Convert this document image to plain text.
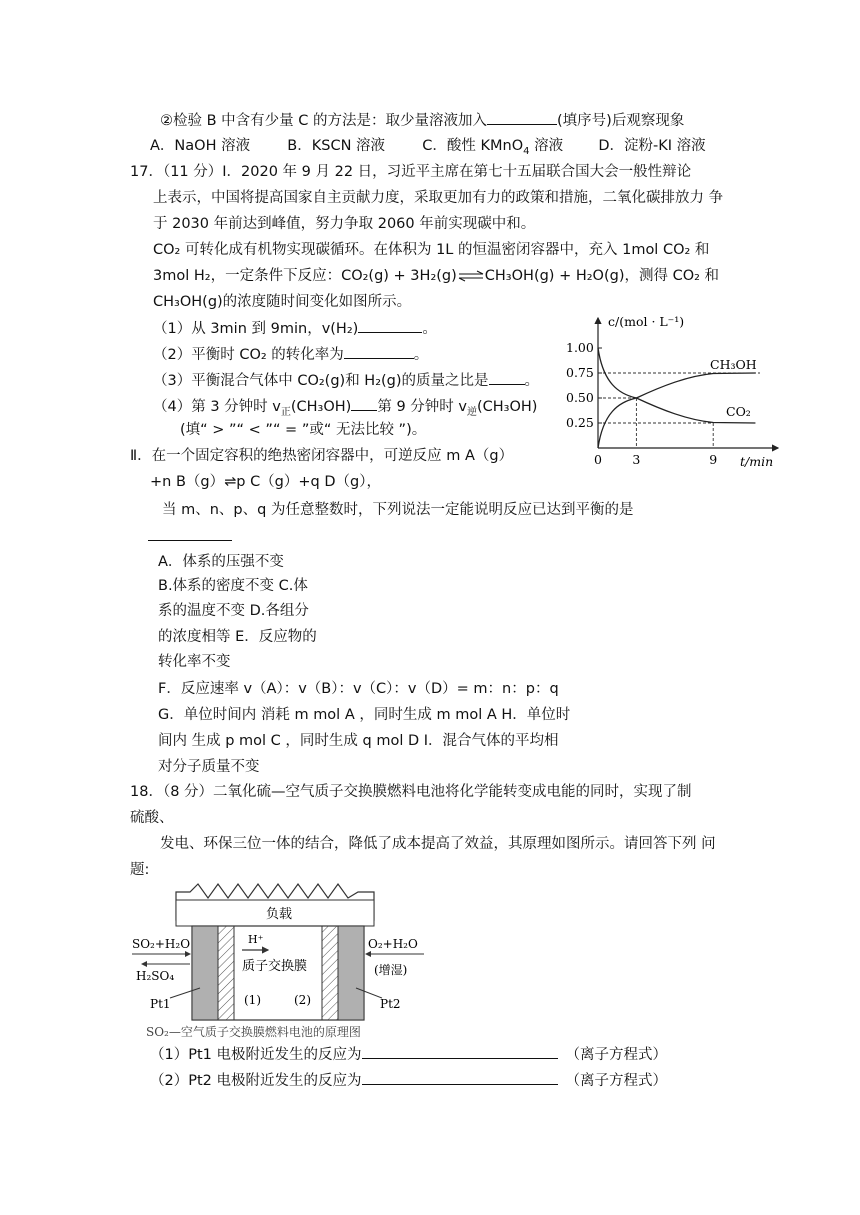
②检验 B 中含有少量 C 的方法是：取少量溶液加入	(填序号)后观察现象
A．NaOH 溶液	B．KSCN 溶液	C．酸性 KMnO$_4$ 溶液 D．淀粉-KI 溶液
17．（11 分）Ⅰ．2020 年 9 月 22 日，习近平主席在第七十五届联合国大会一般性辩论
上表示，中国将提高国家自主贡献力度，采取更加有力的政策和措施，二氧化碳排放力 争
于 2030 年前达到峰值，努力争取 2060 年前实现碳中和。
CO₂ 可转化成有机物实现碳循环。在体积为 1L 的恒温密闭容器中，充入 1mol CO₂ 和
3mol H₂，一定条件下反应：CO₂(g) + 3H₂(g)⇌CH₃OH(g) + H₂O(g)，测得 CO₂ 和
CH₃OH(g)的浓度随时间变化如图所示。
（1）从 3min 到 9min，v(H₂)	。
（2）平衡时 CO₂ 的转化率为	。
（3）平衡混合气体中 CO₂(g)和 H₂(g)的质量之比是 。
（4）第 3 分钟时 $v_正(CH_3OH)$ 第 9 分钟时 $v_逆(CH_3OH)$
(填“ > ”“ < ”“ = ”或“ 无法比较 ”)。
Ⅱ．在一个固定容积的绝热密闭容器中，可逆反应 m A（g）
+n B（g）⇌p C（g）+q D（g），
当 m、n、p、q 为任意整数时，下列说法一定能说明反应已达到平衡的是
A．体系的压强不变
B.体系的密度不变 C.体
系的温度不变 D.各组分
的浓度相等 E．反应物的
转化率不变
F．反应速率 v（A）：v（B）：v（C）：v（D）= m：n：p：q
G．单位时间内 消耗 m mol A ，同时生成 m mol A H．单位时
间内 生成 p mol C ，同时生成 q mol D I．混合气体的平均相
对分子质量不变
18．（8 分）二氧化硫—空气质子交换膜燃料电池将化学能转变成电能的同时，实现了制
硫酸、
发电、环保三位一体的结合，降低了成本提高了效益，其原理如图所示。请回答下列 问
题:
（1）Pt1 电极附近发生的反应为	（离子方程式）
（2）Pt2 电极附近发生的反应为	（离子方程式）
1.00
0.75
0.50
0.25
0 3	9
c/(mol · L⁻¹)
t/min
CH₃OH
CO₂
负载
H⁺
质子交换膜
(1)	(2)
SO₂+H₂O
H₂SO₄
O₂+H₂O
(增湿)
Pt1	Pt2
SO₂—空气质子交换膜燃料电池的原理图
